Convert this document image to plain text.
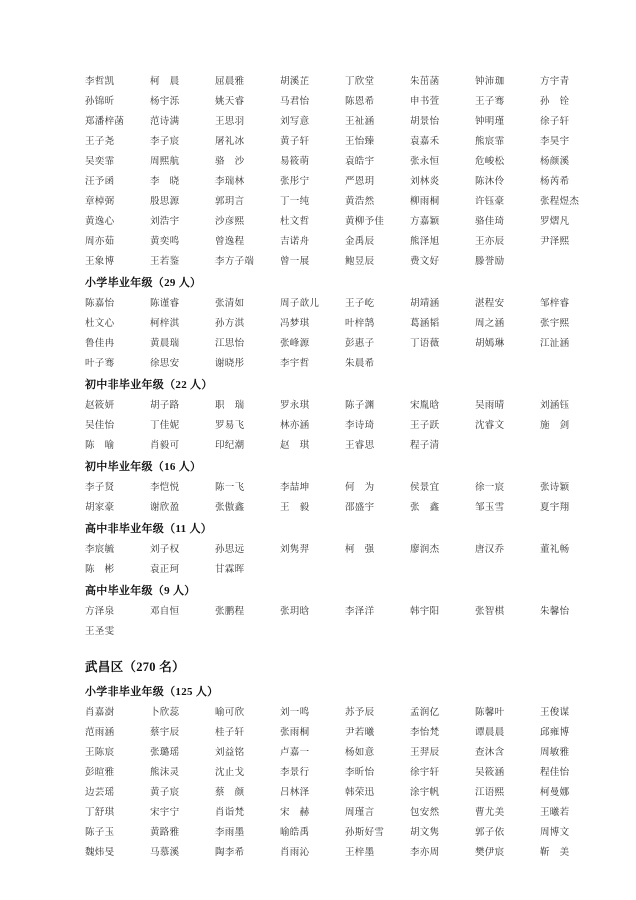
李哲凯	柯　晨	屈晨雅	胡溪芷	丁欣堂	朱茁菡	钟沛珈	方宇青
孙锦昕	杨宇泺	姚天睿	马君怡	陈恩希	申书萱	王子骞	孙　铨
郑潘梓菡	范诗满	王思羽	刘写意	王祉涵	胡景怡	钟明瑾	徐子轩
王子尧	李子宸	屠礼冰	黄子轩	王怡臻	袁嘉禾	熊宸霏	李昊宇
吴奕霏	周熙航	骆　沙	易筱萌	袁皓宇	张永恒	危峻松	杨颜溪
汪予函	李　晓	李瑞林	张彤宁	严恩玥	刘林炎	陈沐伶	杨芮希
章棹弼	殷思源	郭玥言	丁一纯	黄浩然	柳雨桐	许钰豪	张程煜杰
黄逸心	刘浩宇	沙彦熙	杜文哲	黄柳予佳	方嘉颖	骆佳琦	罗熠凡
周亦茹	黄奕鸣	曾逸程	吉诺舟	金禹辰	熊泽旭	王亦辰	尹泽熙
王象博	王若鉴	李方子端	曾一展	鲍昱辰	费文好	滕誉励
小学毕业年级（29 人）
陈嘉怡	陈谨睿	张清如	周子歆儿	王子屹	胡靖涵	湛程安	邹梓睿
杜文心	柯梓淇	孙方淇	冯梦琪	叶梓鹄	葛涵韬	周之涵	张宇熙
鲁佳冉	黄晨瑞	江思怡	张峰源	彭惠子	丁语薇	胡嫣琳	江沚涵
叶子骞	徐思安	谢晓彤	李宇哲	朱晨希
初中非毕业年级（22 人）
赵筱妍	胡子路	职　瑞	罗永琪	陈子渊	宋胤晗	吴雨晴	刘涵钰
吴佳怡	丁佳妮	罗易飞	林亦涵	李诗琦	王子跃	沈睿文	施　剑
陈　喻	肖毅可	印纪潮	赵　琪	王睿思	程子清
初中毕业年级（16 人）
李子贤	李恺悦	陈一飞	李喆坤	何　为	侯景宜	徐一宸	张诗颖
胡家豪	谢欣盈	张傲鑫	王　毅	邵盛宇	张　鑫	邹玉雪	夏宇翔
高中非毕业年级（11 人）
李宸毓	刘子权	孙思远	刘隽羿	柯　强	廖润杰	唐汉乔	董礼畅
陈　彬	袁正珂	甘霖晖
高中毕业年级（9 人）
方泽泉	邓自恒	张鹏程	张玥晗	李泽洋	韩宇阳	张智棋	朱馨怡
王圣雯
武昌区（270 名）
小学非毕业年级（125 人）
肖嘉澍	卜欣蕊	喻可欣	刘一鸣	苏予辰	孟润亿	陈馨叶	王俊谋
范雨涵	蔡宇辰	桂子轩	张雨桐	尹若曦	李怡梵	谭晨晨	邱雍博
王陈宸	张璐瑶	刘益铭	卢嘉一	杨如意	王羿辰	查沐含	周敏雅
彭暄雅	熊沫灵	沈止戈	李景行	李昕怡	徐宇轩	吴筱涵	程佳怡
边芸瑶	黄子宸	蔡　颜	吕林泽	韩荣迅	涂宇帆	江语熙	柯曼娜
丁舒琪	宋宇宁	肖诣梵	宋　赫	周瑾言	包安然	曹尤美	王曦若
陈子玉	黄路雅	李雨墨	喻皓禹	孙斯好雪	胡文隽	郭子依	周博文
魏炜旻	马慕溪	陶李希	肖雨沁	王梓墨	李亦周	樊伊宸	靳　美
